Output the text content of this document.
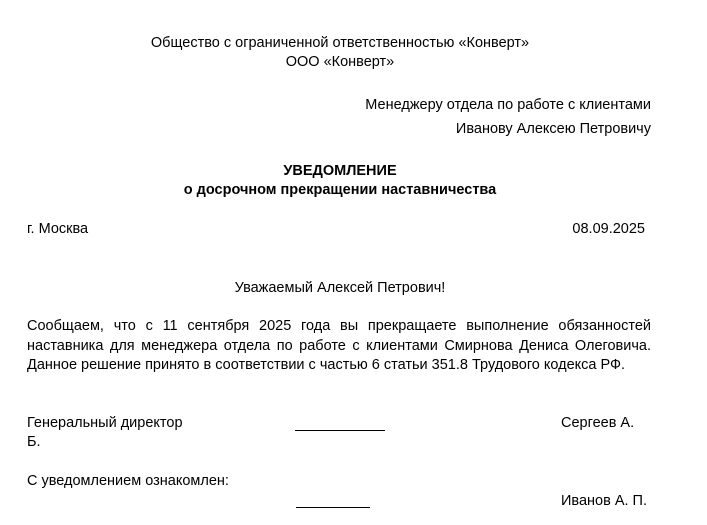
Общество с ограниченной ответственностью «Конверт»
ООО «Конверт»
Менеджеру отдела по работе с клиентами
Иванову Алексею Петровичу
УВЕДОМЛЕНИЕ
о досрочном прекращении наставничества
г. Москва	08.09.2025
Уважаемый Алексей Петрович!
Сообщаем, что с 11 сентября 2025 года вы прекращаете выполнение обязанностей
наставника для менеджера отдела по работе с клиентами Смирнова Дениса Олеговича.
Данное решение принято в соответствии с частью 6 статьи 351.8 Трудового кодекса РФ.
Генеральный директор	Сергеев А.
Б.
С уведомлением ознакомлен:
Иванов А. П.
